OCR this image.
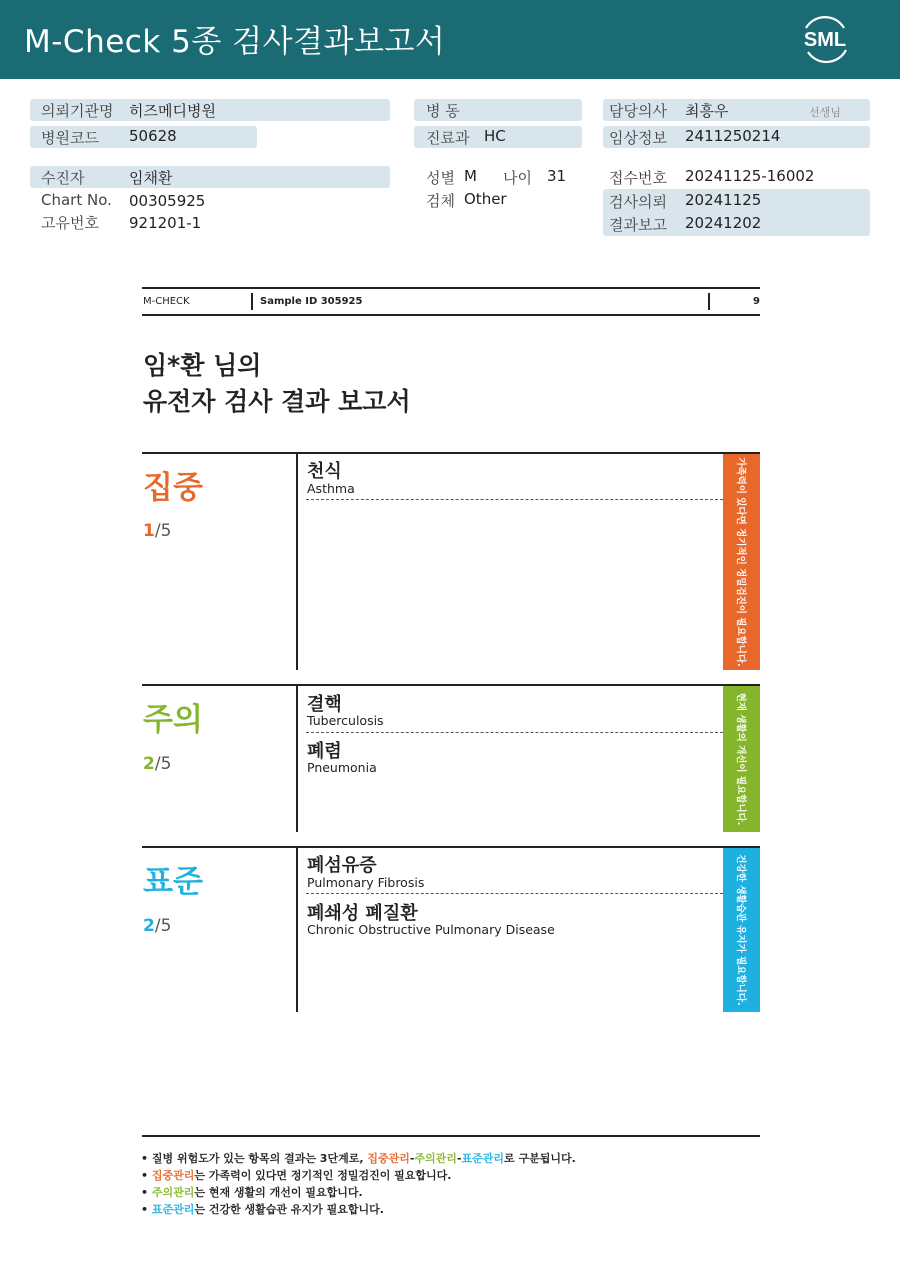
M-Check 5종 검사결과보고서	SML
의뢰기관명 히즈메디병원
병원코드 50628
수진자	임채환
Chart No. 00305925
고유번호 921201-1
병 동
진료과 HC
성별 M 나이 31
검체 Other
담당의사 최흥우	선생님
임상정보 2411250214
접수번호 20241125-16002
검사의뢰 20241125
결과보고 20241202
M-CHECK	Sample ID 305925	9
임*환 님의
유전자 검사 결과 보고서
집중
1/5
천식
Asthma	가족력이 있다면 정기적인 정밀검진이 필요합니다.
주의
2/5
결핵
Tuberculosis
폐렴
Pneumonia	현재 생활의 개선이 필요합니다.
표준
2/5
폐섬유증
Pulmonary Fibrosis
폐쇄성 폐질환
Chronic Obstructive Pulmonary Disease	건강한 생활습관 유지가 필요합니다.
• 질병 위험도가 있는 항목의 결과는 3단계로, 집중관리-주의관리-표준관리로 구분됩니다.
• 집중관리는 가족력이 있다면 정기적인 정밀검진이 필요합니다.
• 주의관리는 현재 생활의 개선이 필요합니다.
• 표준관리는 건강한 생활습관 유지가 필요합니다.
